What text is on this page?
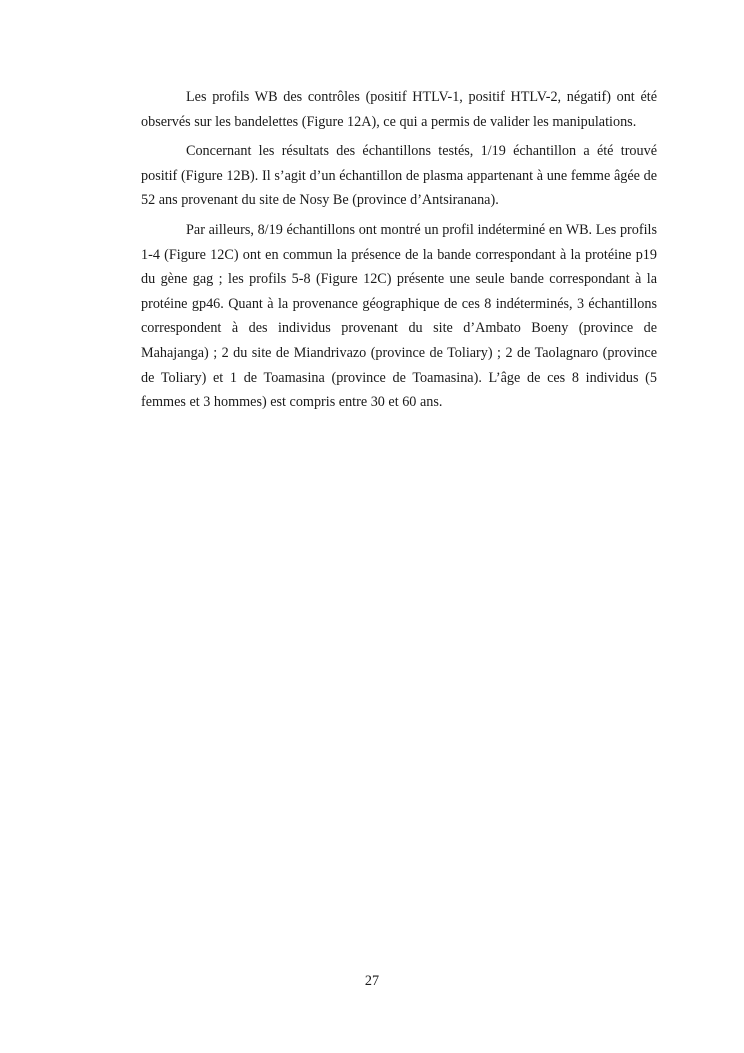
Les profils WB des contrôles (positif HTLV-1, positif HTLV-2, négatif) ont été observés sur les bandelettes (Figure 12A), ce qui a permis de valider les manipulations.

Concernant les résultats des échantillons testés, 1/19 échantillon a été trouvé positif (Figure 12B). Il s’agit d’un échantillon de plasma appartenant à une femme âgée de 52 ans provenant du site de Nosy Be (province d’Antsiranana).

Par ailleurs, 8/19 échantillons ont montré un profil indéterminé en WB. Les profils 1-4 (Figure 12C) ont en commun la présence de la bande correspondant à la protéine p19 du gène gag ; les profils 5-8 (Figure 12C) présente une seule bande correspondant à la protéine gp46. Quant à la provenance géographique de ces 8 indéterminés, 3 échantillons correspondent à des individus provenant du site d’Ambato Boeny (province de Mahajanga) ; 2 du site de Miandrivazo (province de Toliary) ; 2 de Taolagnaro (province de Toliary) et 1 de Toamasina (province de Toamasina). L’âge de ces 8 individus (5 femmes et 3 hommes) est compris entre 30 et 60 ans.

27
